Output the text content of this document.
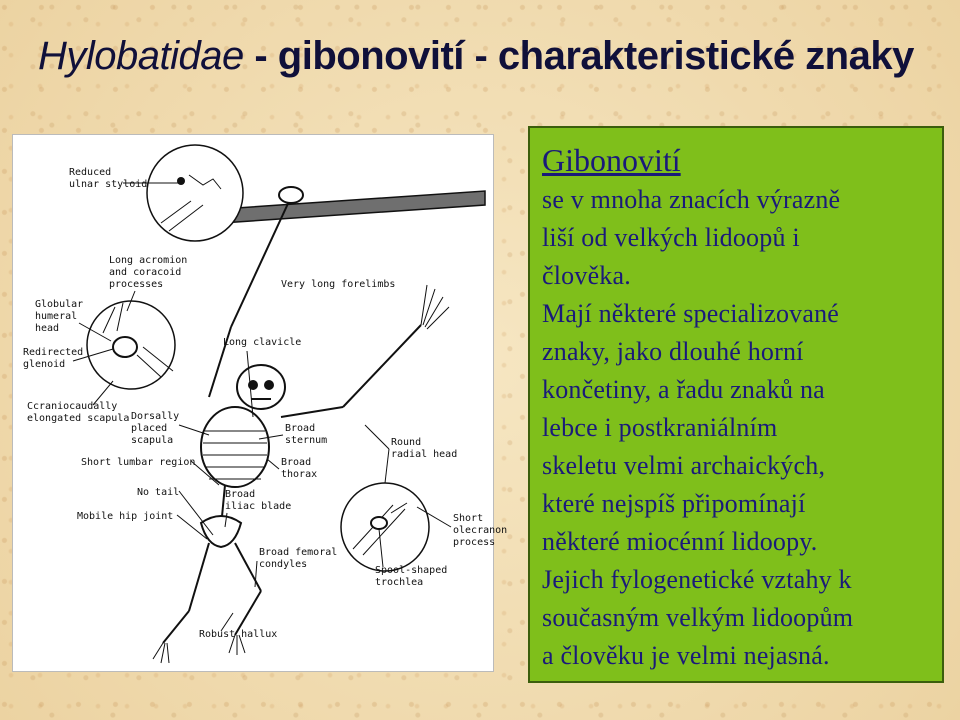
Hylobatidae - gibonovití - charakteristické znaky
Reduced
ulnar styloid
Long acromion
and coracoid
processes
Globular
humeral
head
Redirected
glenoid
Ccraniocaudally
elongated scapula Dorsally
placed
scapula
Short lumbar region
No tail
Mobile hip joint
Very long forelimbs
Long clavicle
Broad
sternum
Broad
thorax
Broad
iliac blade
Round
radial head
Short
olecranon
process
Broad femoral
condyles
Spool-shaped
trochlea
Robust hallux
Gibonovití
se v mnoha znacích výrazně
liší od velkých lidoopů i
člověka.
Mají některé specializované
znaky, jako dlouhé horní
končetiny, a řadu znaků na
lebce i postkraniálním
skeletu velmi archaických,
které nejspíš připomínají
některé miocénní lidoopy.
Jejich fylogenetické vztahy k
současným velkým lidoopům
a člověku je velmi nejasná.
